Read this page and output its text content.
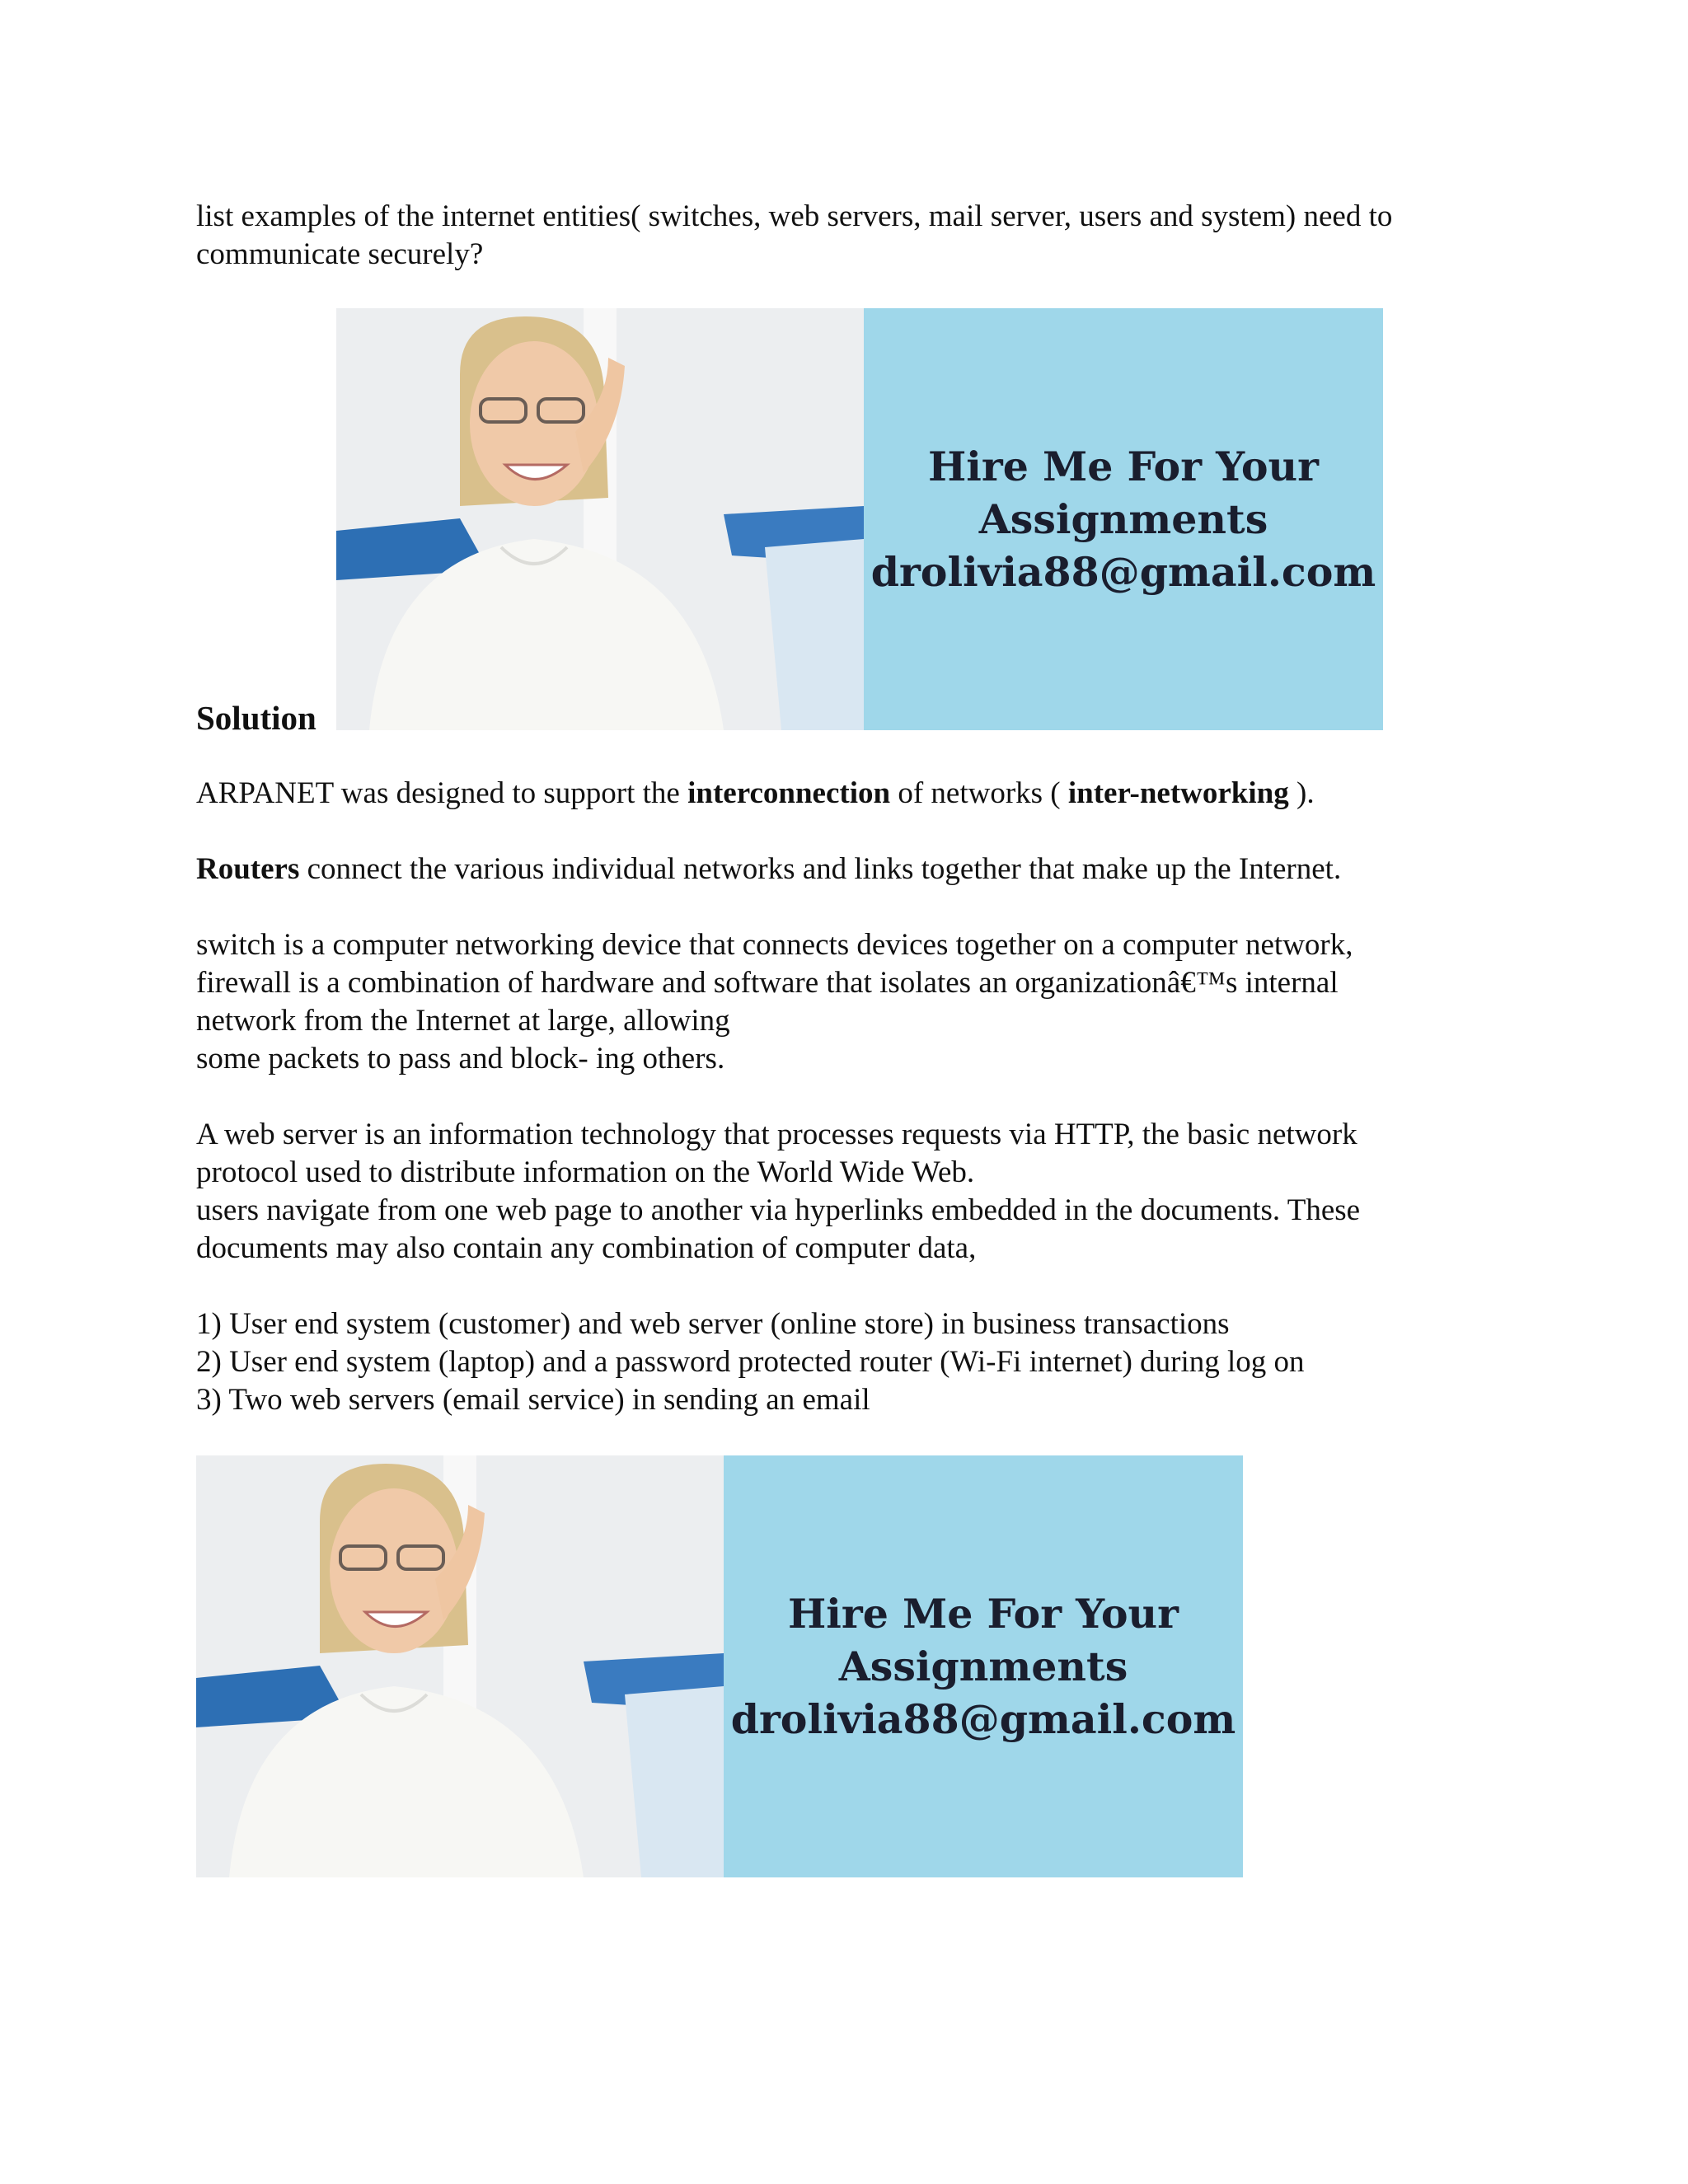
list examples of the internet entities( switches, web servers, mail server, users and system) need to communicate securely?

Solution
Hire Me For Your
Assignments
drolivia88@gmail.com

ARPANET was designed to support the interconnection of networks ( inter-networking ).

Routers connect the various individual networks and links together that make up the Internet.

switch is a computer networking device that connects devices together on a computer network,
firewall is a combination of hardware and software that isolates an organizationâ€™s internal
network from the Internet at large, allowing
some packets to pass and block- ing others.
A web server is an information technology that processes requests via HTTP, the basic network
protocol used to distribute information on the World Wide Web.
users navigate from one web page to another via hyperlinks embedded in the documents. These
documents may also contain any combination of computer data,
1) User end system (customer) and web server (online store) in business transactions
2) User end system (laptop) and a password protected router (Wi-Fi internet) during log on
3) Two web servers (email service) in sending an email
Hire Me For Your
Assignments
drolivia88@gmail.com
